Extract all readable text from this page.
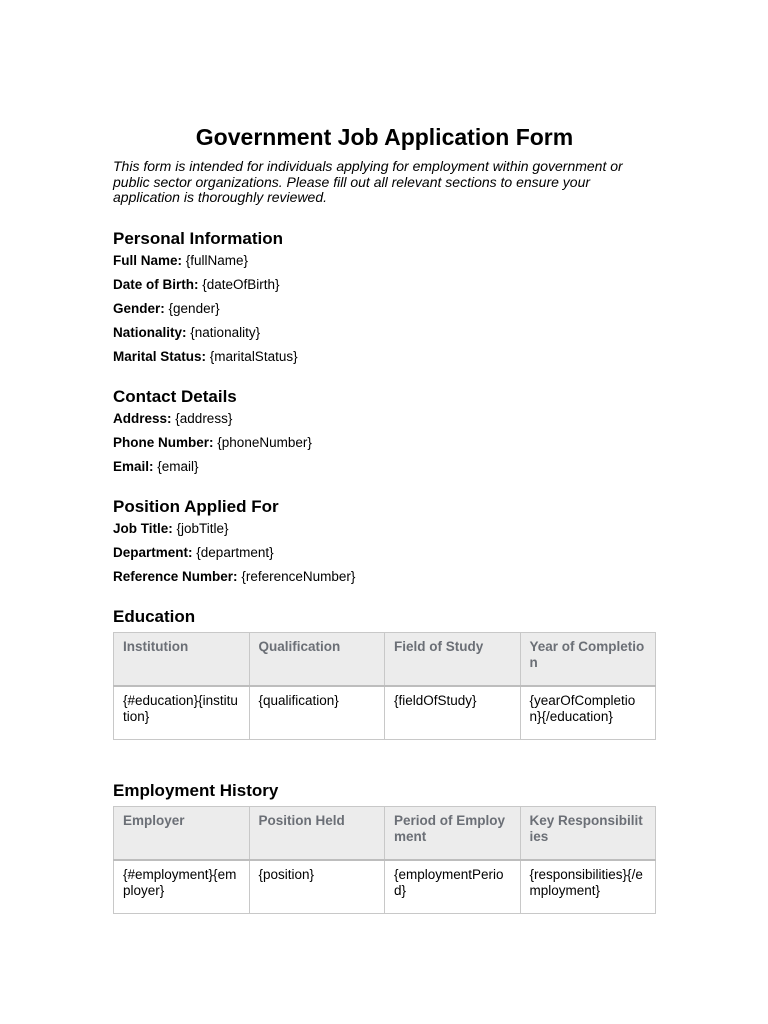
Government Job Application Form

This form is intended for individuals applying for employment within government or public sector organizations. Please fill out all relevant sections to ensure your application is thoroughly reviewed.

Personal Information

Full Name: {fullName}

Date of Birth: {dateOfBirth}

Gender: {gender}

Nationality: {nationality}

Marital Status: {maritalStatus}

Contact Details

Address: {address}

Phone Number: {phoneNumber}

Email: {email}

Position Applied For

Job Title: {jobTitle}

Department: {department}

Reference Number: {referenceNumber}

Education
Institution	Qualification	Field of Study	Year of Completion
{#education}{institution}	{qualification}	{fieldOfStudy}	{yearOfCompletion}{/education}
Employment History
Employer	Position Held	Period of Employment	Key Responsibilities
{#employment}{employer}	{position}	{employmentPeriod}	{responsibilities}{/employment}
